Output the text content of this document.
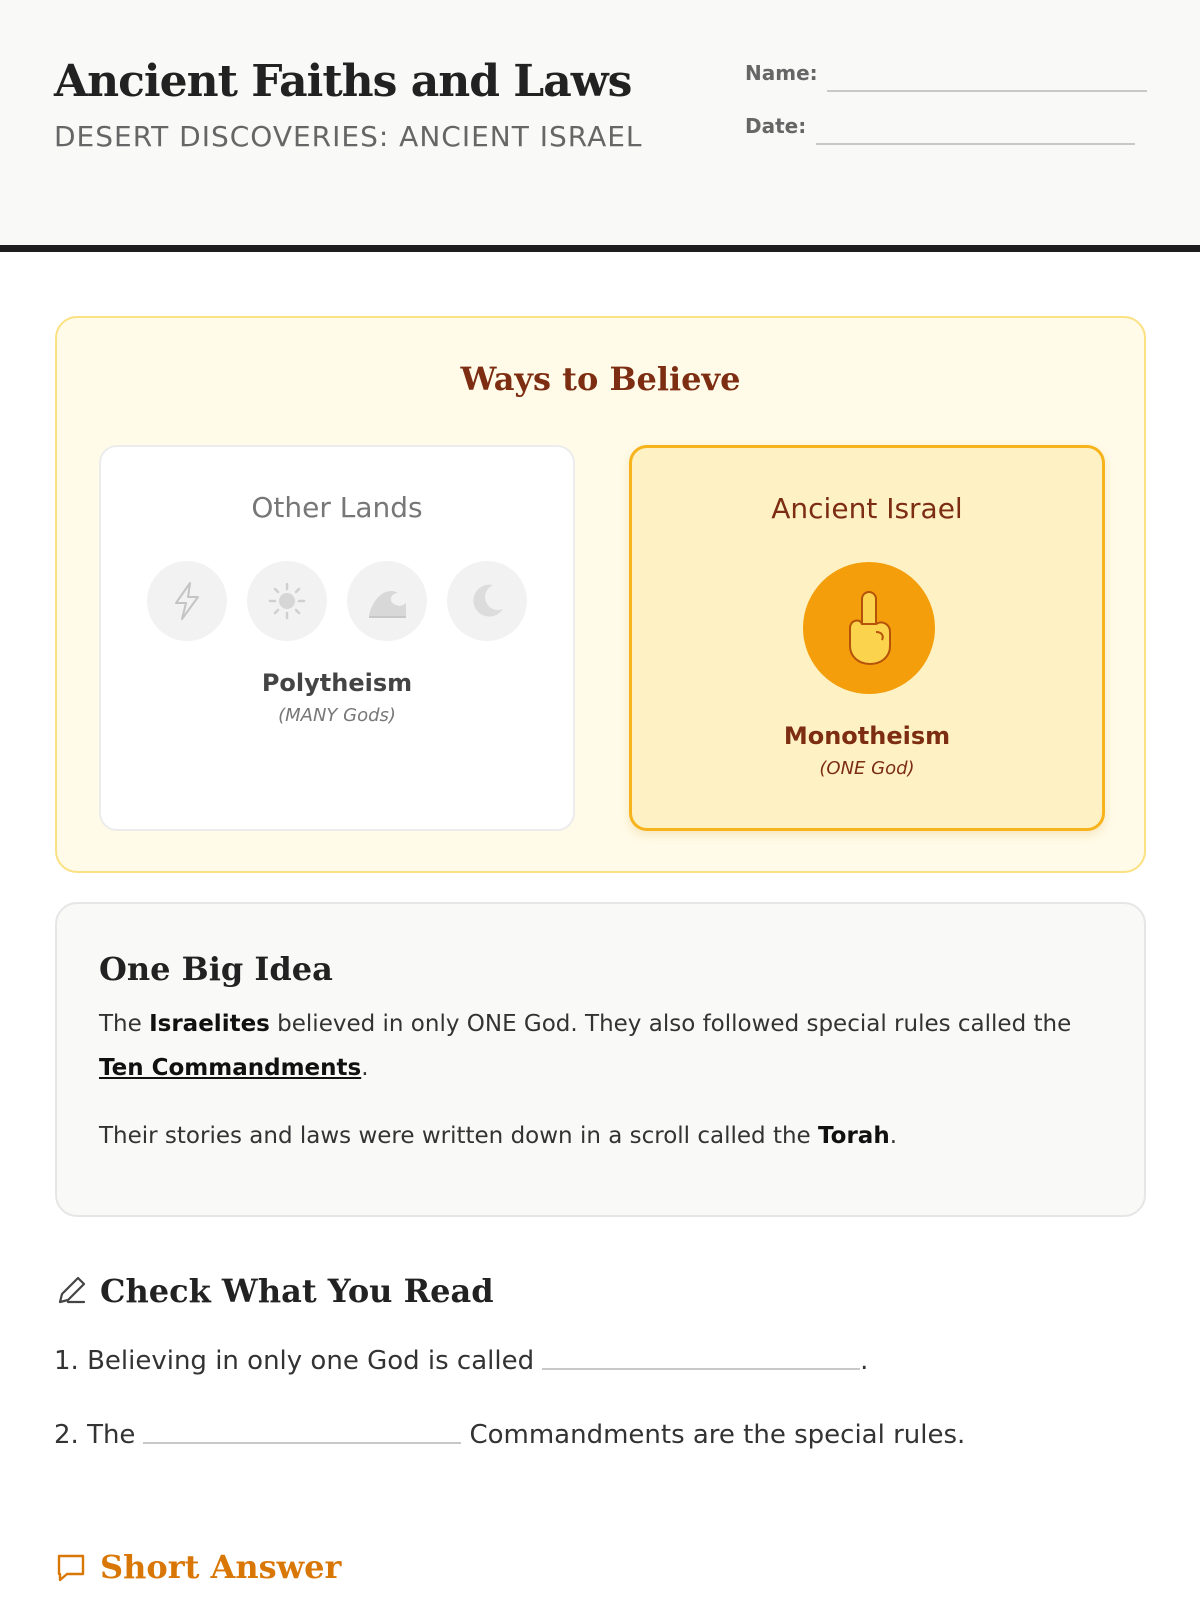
Ancient Faiths and Laws
DESERT DISCOVERIES: ANCIENT ISRAEL
Name:
Date:
Ways to Believe
Other Lands
Polytheism
(MANY Gods)
Ancient Israel
Monotheism
(ONE God)
One Big Idea
The Israelites believed in only ONE God. They also followed special rules called the Ten Commandments.
Their stories and laws were written down in a scroll called the Torah.
Check What You Read
1. Believing in only one God is called	.
2. The	Commandments are the special rules.
Short Answer
